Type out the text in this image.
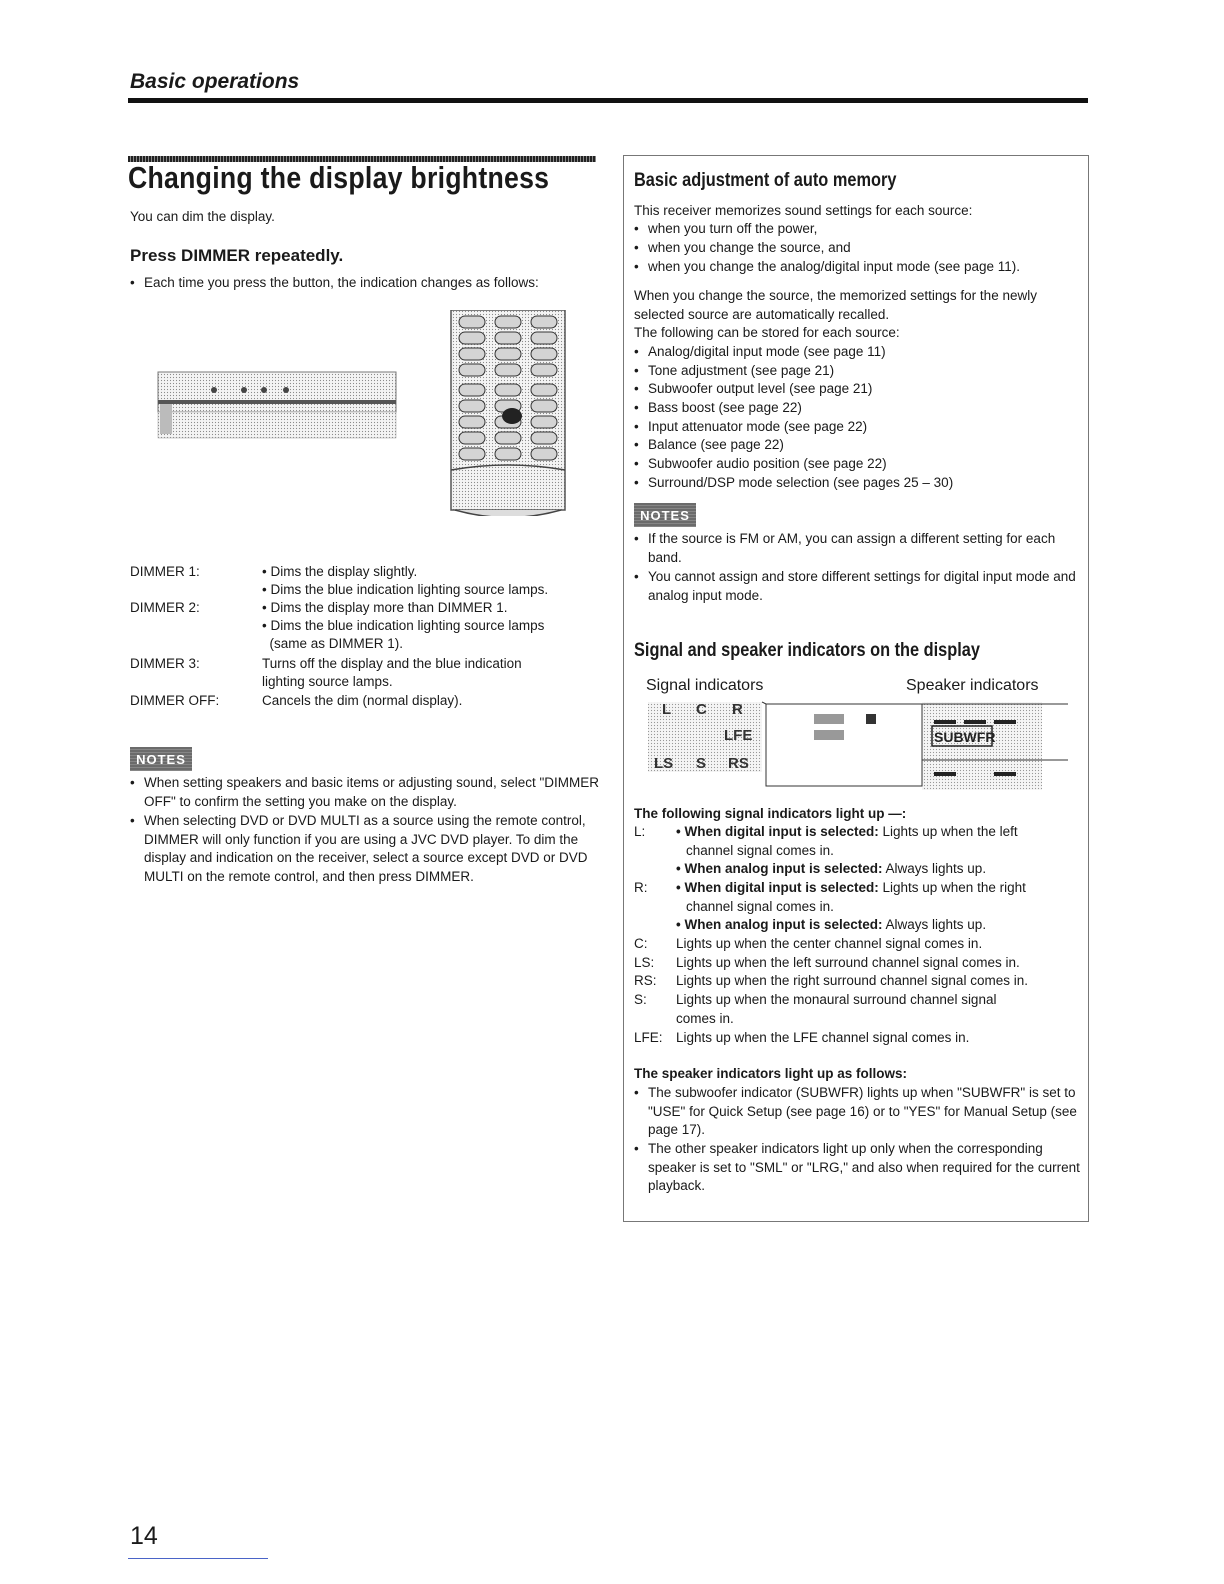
Basic operations
Changing the display brightness
You can dim the display.
Press DIMMER repeatedly.
• Each time you press the button, the indication changes as follows:
DIMMER 1:	• Dims the display slightly.
• Dims the blue indication lighting source lamps.
DIMMER 2:	• Dims the display more than DIMMER 1.
• Dims the blue indication lighting source lamps
(same as DIMMER 1).
DIMMER 3:	Turns off the display and the blue indication
lighting source lamps.
DIMMER OFF:	Cancels the dim (normal display).
NOTES
• When setting speakers and basic items or adjusting sound, select "DIMMER OFF" to confirm the setting you make on the display.
• When selecting DVD or DVD MULTI as a source using the remote control, DIMMER will only function if you are using a JVC DVD player. To dim the display and indication on the receiver, select a source except DVD or DVD MULTI on the remote control, and then press DIMMER.
Basic adjustment of auto memory
This receiver memorizes sound settings for each source:
• when you turn off the power,
• when you change the source, and
• when you change the analog/digital input mode (see page 11).
When you change the source, the memorized settings for the newly selected source are automatically recalled.
The following can be stored for each source:
• Analog/digital input mode (see page 11)
• Tone adjustment (see page 21)
• Subwoofer output level (see page 21)
• Bass boost (see page 22)
• Input attenuator mode (see page 22)
• Balance (see page 22)
• Subwoofer audio position (see page 22)
• Surround/DSP mode selection (see pages 25 – 30)
NOTES
• If the source is FM or AM, you can assign a different setting for each band.
• You cannot assign and store different settings for digital input mode and analog input mode.
Signal and speaker indicators on the display
Signal indicators	Speaker indicators
L C R
LFE
LS S RS
SUBWFR
The following signal indicators light up —:
L: • When digital input is selected: Lights up when the left
channel signal comes in.
• When analog input is selected: Always lights up.
R: • When digital input is selected: Lights up when the right
channel signal comes in.
• When analog input is selected: Always lights up.
C: Lights up when the center channel signal comes in.
LS: Lights up when the left surround channel signal comes in.
RS: Lights up when the right surround channel signal comes in.
S: Lights up when the monaural surround channel signal
comes in.
LFE: Lights up when the LFE channel signal comes in.
The speaker indicators light up as follows:
• The subwoofer indicator (SUBWFR) lights up when "SUBWFR" is set to "USE" for Quick Setup (see page 16) or to "YES" for Manual Setup (see page 17).
• The other speaker indicators light up only when the corresponding speaker is set to "SML" or "LRG," and also when required for the current playback.
14
